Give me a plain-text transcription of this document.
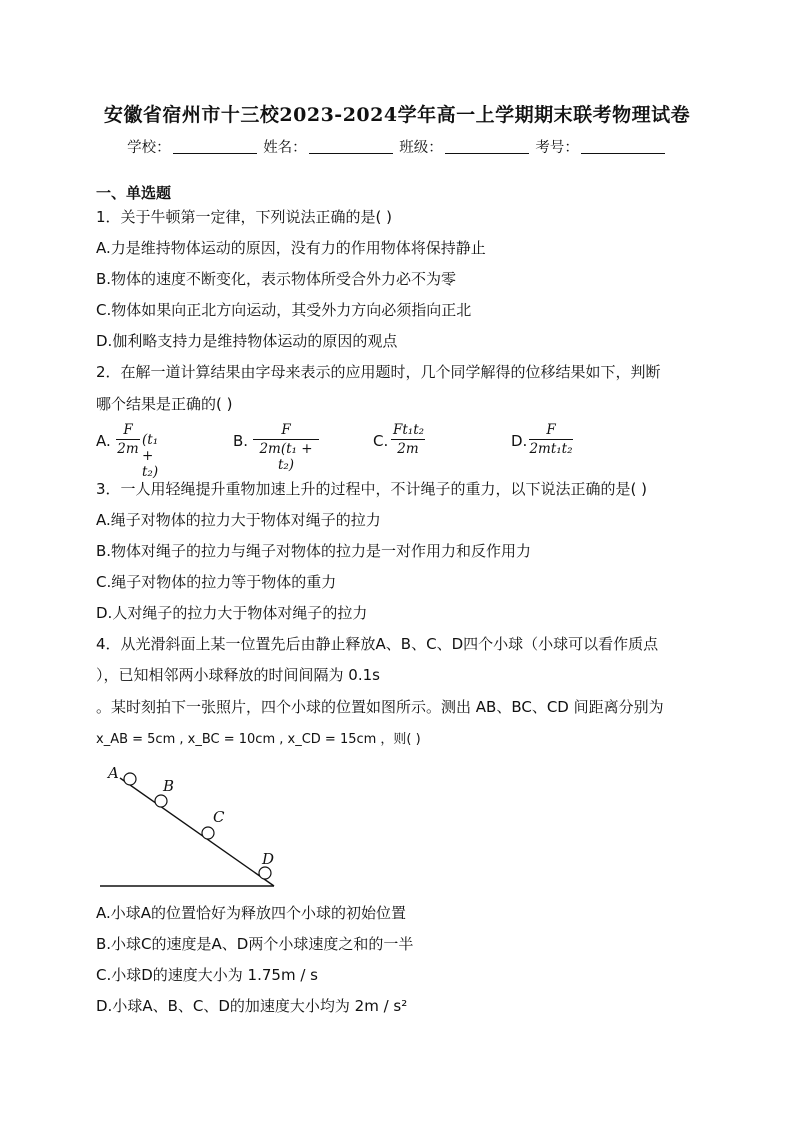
安徽省宿州市十三校2023-2024学年高一上学期期末联考物理试卷
学校：	姓名：	班级：	考号：
一、单选题
1．关于牛顿第一定律，下列说法正确的是( )
A.力是维持物体运动的原因，没有力的作用物体将保持静止
B.物体的速度不断变化，表示物体所受合外力必不为零
C.物体如果向正北方向运动，其受外力方向必须指向正北
D.伽利略支持力是维持物体运动的原因的观点
2．在解一道计算结果由字母来表示的应用题时，几个同学解得的位移结果如下，判断
哪个结果是正确的( )
A. $\frac{F}{2m} (t_1 + t_2)$
B. $\frac{F}{\text{2m(t₁ + t₂)}}$	C. $\frac{\text{Ft₁t₂}}{2m}$	D. $\frac{F}{\text{2mt₁t₂}}$
3．一人用轻绳提升重物加速上升的过程中，不计绳子的重力，以下说法正确的是( )
A.绳子对物体的拉力大于物体对绳子的拉力
B.物体对绳子的拉力与绳子对物体的拉力是一对作用力和反作用力
C.绳子对物体的拉力等于物体的重力
D.人对绳子的拉力大于物体对绳子的拉力
4．从光滑斜面上某一位置先后由静止释放A、B、C、D四个小球（小球可以看作质点
），已知相邻两小球释放的时间间隔为 0.1s
。某时刻拍下一张照片，四个小球的位置如图所示。测出 AB、BC、CD 间距离分别为
x_AB = 5cm , x_BC = 10cm , x_CD = 15cm ，则( )
A
B
C
D
A.小球A的位置恰好为释放四个小球的初始位置
B.小球C的速度是A、D两个小球速度之和的一半
C.小球D的速度大小为 1.75m / s
D.小球A、B、C、D的加速度大小均为 2m / s²
